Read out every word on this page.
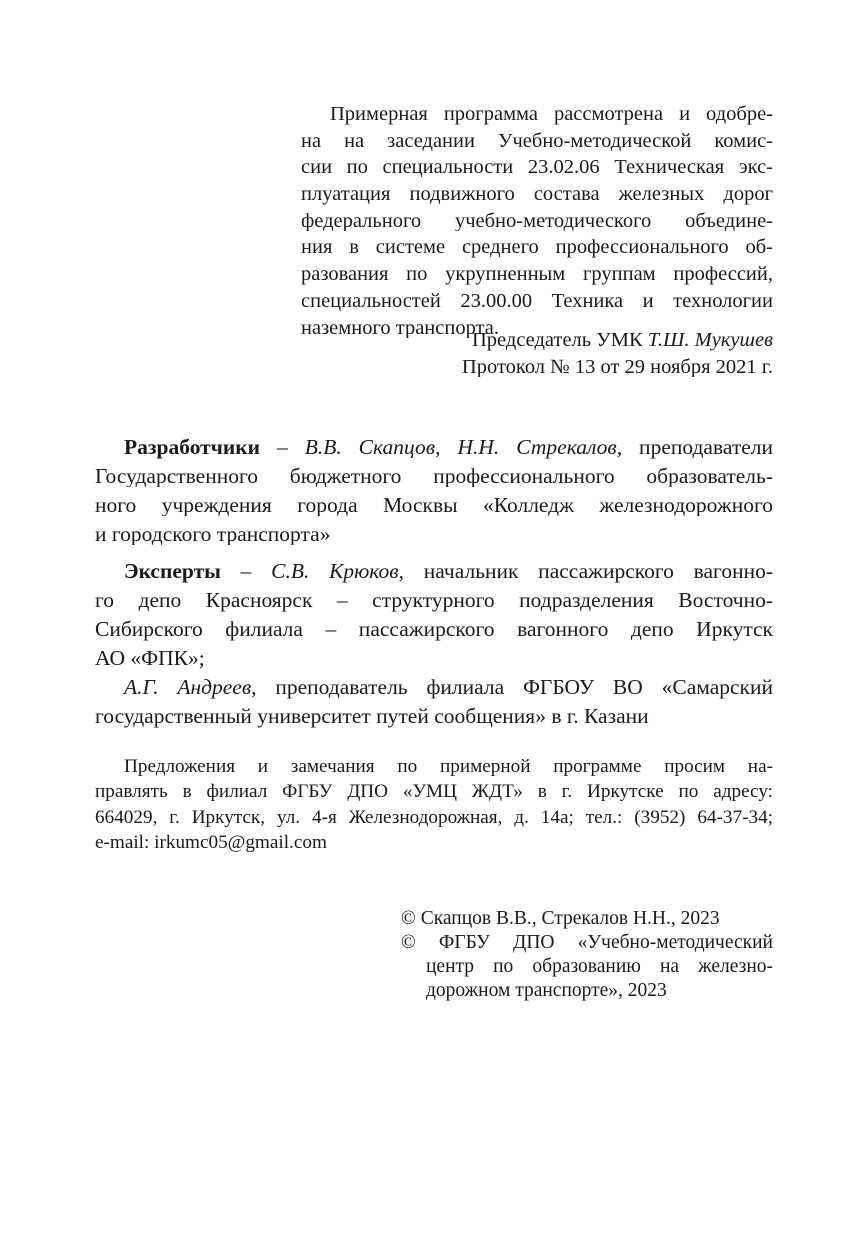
Примерная программа рассмотрена и одобре-
на на заседании Учебно-методической комис-
сии по специальности 23.02.06 Техническая экс-
плуатация подвижного состава железных дорог
федерального учебно-методического объедине-
ния в системе среднего профессионального об-
разования по укрупненным группам профессий,
специальностей 23.00.00 Техника и технологии
наземного транспорта.
Председатель УМК Т.Ш. Мукушев
Протокол № 13 от 29 ноября 2021 г.
Разработчики – В.В. Скапцов, Н.Н. Стрекалов, преподаватели
Государственного бюджетного профессионального образователь-
ного учреждения города Москвы «Колледж железнодорожного
и городского транспорта»
Эксперты – С.В. Крюков, начальник пассажирского вагонно-
го депо Красноярск – структурного подразделения Восточно-
Сибирского филиала – пассажирского вагонного депо Иркутск
АО «ФПК»;
А.Г. Андреев, преподаватель филиала ФГБОУ ВО «Самарский
государственный университет путей сообщения» в г. Казани
Предложения и замечания по примерной программе просим на-
правлять в филиал ФГБУ ДПО «УМЦ ЖДТ» в г. Иркутске по адресу:
664029, г. Иркутск, ул. 4-я Железнодорожная, д. 14а; тел.: (3952) 64-37-34;
e-mail: irkumc05@gmail.com
© Скапцов В.В., Стрекалов Н.Н., 2023
© ФГБУ ДПО «Учебно-методический
центр по образованию на железно-
дорожном транспорте», 2023
